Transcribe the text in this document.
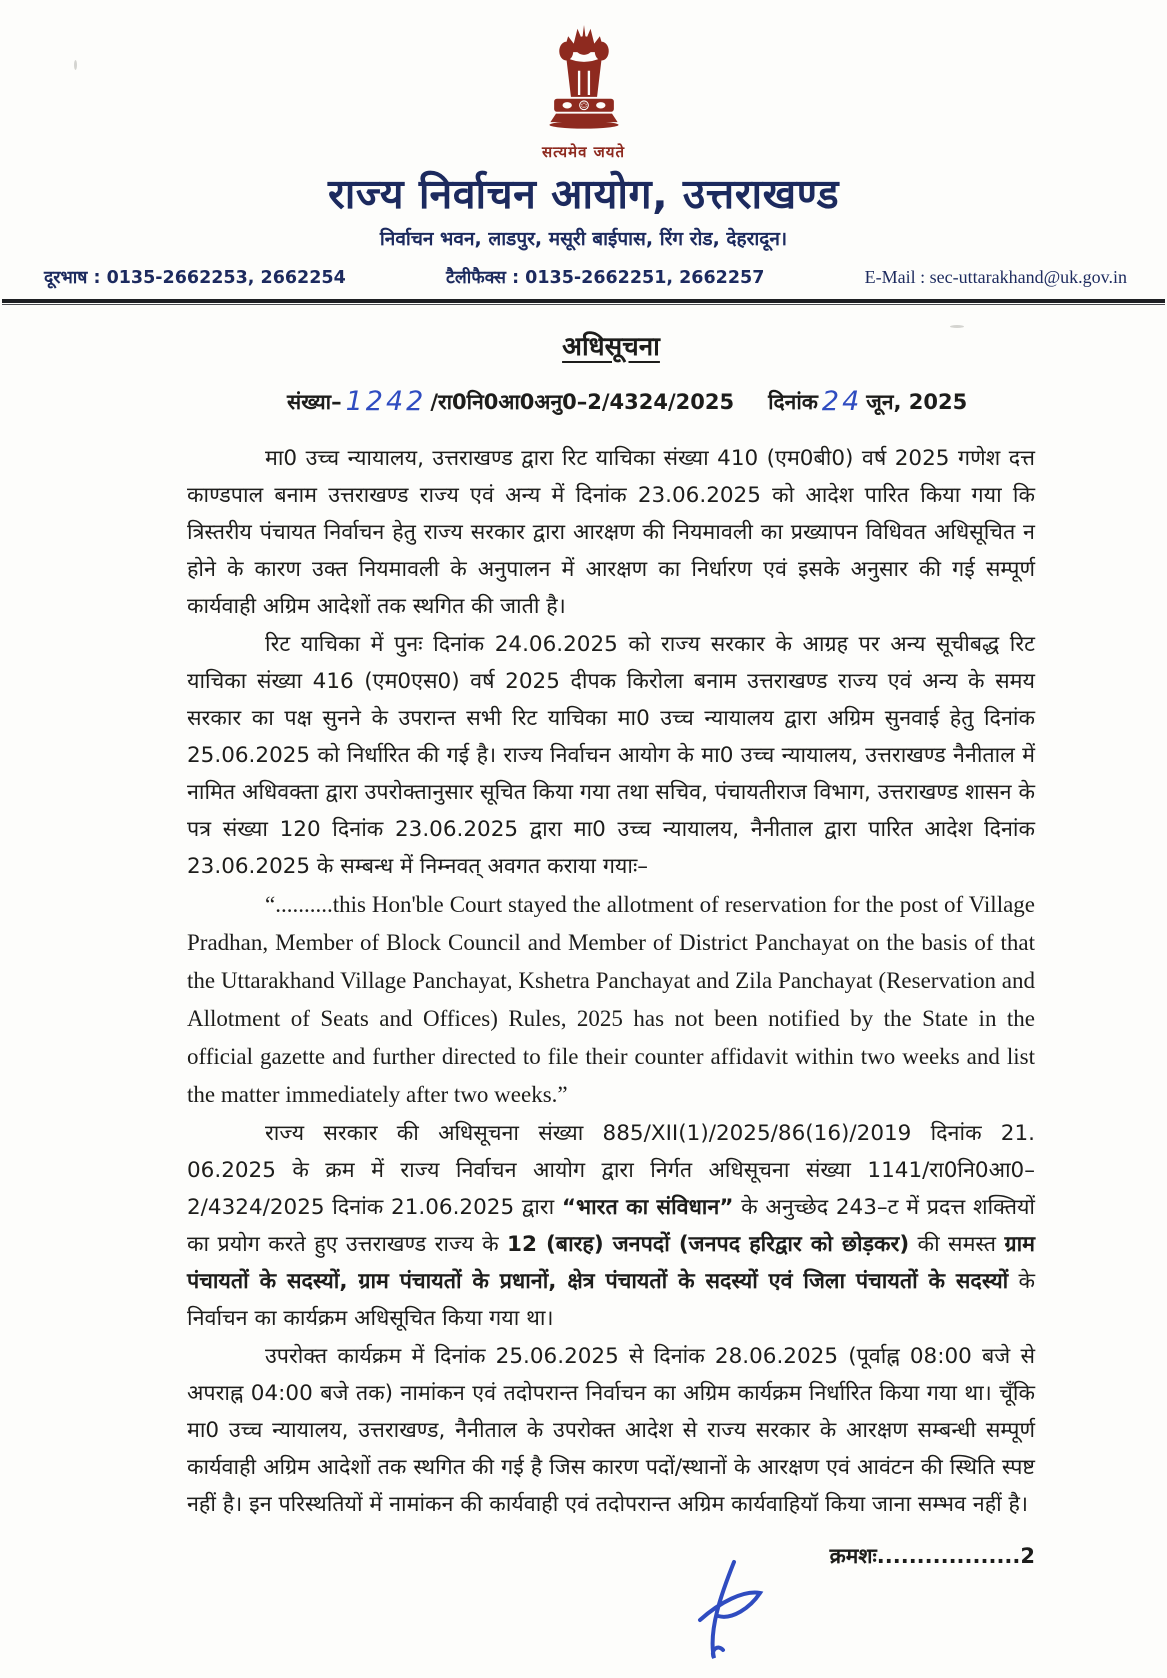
सत्यमेव जयते
राज्य निर्वाचन आयोग, उत्तराखण्ड
निर्वाचन भवन, लाडपुर, मसूरी बाईपास, रिंग रोड, देहरादून।
दूरभाष : 0135-2662253, 2662254	टैलीफैक्स : 0135-2662251, 2662257	E-Mail : sec-uttarakhand@uk.gov.in
अधिसूचना
संख्या– 1242 /रा0नि0आ0अनु0–2/4324/2025 दिनांक 24 जून, 2025

मा0 उच्च न्यायालय, उत्तराखण्ड द्वारा रिट याचिका संख्या 410 (एम0बी0) वर्ष 2025 गणेश दत्त काण्डपाल बनाम उत्तराखण्ड राज्य एवं अन्य में दिनांक 23.06.2025 को आदेश पारित किया गया कि त्रिस्तरीय पंचायत निर्वाचन हेतु राज्य सरकार द्वारा आरक्षण की नियमावली का प्रख्यापन विधिवत अधिसूचित न होने के कारण उक्त नियमावली के अनुपालन में आरक्षण का निर्धारण एवं इसके अनुसार की गई सम्पूर्ण कार्यवाही अग्रिम आदेशों तक स्थगित की जाती है।

रिट याचिका में पुनः दिनांक 24.06.2025 को राज्य सरकार के आग्रह पर अन्य सूचीबद्ध रिट याचिका संख्या 416 (एम0एस0) वर्ष 2025 दीपक किरोला बनाम उत्तराखण्ड राज्य एवं अन्य के समय सरकार का पक्ष सुनने के उपरान्त सभी रिट याचिका मा0 उच्च न्यायालय द्वारा अग्रिम सुनवाई हेतु दिनांक 25.06.2025 को निर्धारित की गई है। राज्य निर्वाचन आयोग के मा0 उच्च न्यायालय, उत्तराखण्ड नैनीताल में नामित अधिवक्ता द्वारा उपरोक्तानुसार सूचित किया गया तथा सचिव, पंचायतीराज विभाग, उत्तराखण्ड शासन के पत्र संख्या 120 दिनांक 23.06.2025 द्वारा मा0 उच्च न्यायालय, नैनीताल द्वारा पारित आदेश दिनांक 23.06.2025 के सम्बन्ध में निम्नवत् अवगत कराया गयाः–

“..........this Hon'ble Court stayed the allotment of reservation for the post of Village Pradhan, Member of Block Council and Member of District Panchayat on the basis of that the Uttarakhand Village Panchayat, Kshetra Panchayat and Zila Panchayat (Reservation and Allotment of Seats and Offices) Rules, 2025 has not been notified by the State in the official gazette and further directed to file their counter affidavit within two weeks and list the matter immediately after two weeks.”

राज्य सरकार की अधिसूचना संख्या 885/XII(1)/2025/86(16)/2019 दिनांक 21. 06.2025 के क्रम में राज्य निर्वाचन आयोग द्वारा निर्गत अधिसूचना संख्या 1141/रा0नि0आ0–2/4324/2025 दिनांक 21.06.2025 द्वारा “भारत का संविधान” के अनुच्छेद 243–ट में प्रदत्त शक्तियों का प्रयोग करते हुए उत्तराखण्ड राज्य के 12 (बारह) जनपदों (जनपद हरिद्वार को छोड़कर) की समस्त ग्राम पंचायतों के सदस्यों, ग्राम पंचायतों के प्रधानों, क्षेत्र पंचायतों के सदस्यों एवं जिला पंचायतों के सदस्यों के निर्वाचन का कार्यक्रम अधिसूचित किया गया था।

उपरोक्त कार्यक्रम में दिनांक 25.06.2025 से दिनांक 28.06.2025 (पूर्वाह्न 08:00 बजे से अपराह्न 04:00 बजे तक) नामांकन एवं तदोपरान्त निर्वाचन का अग्रिम कार्यक्रम निर्धारित किया गया था। चूँकि मा0 उच्च न्यायालय, उत्तराखण्ड, नैनीताल के उपरोक्त आदेश से राज्य सरकार के आरक्षण सम्बन्धी सम्पूर्ण कार्यवाही अग्रिम आदेशों तक स्थगित की गई है जिस कारण पदों/स्थानों के आरक्षण एवं आवंटन की स्थिति स्पष्ट नहीं है। इन परिस्थतियों में नामांकन की कार्यवाही एवं तदोपरान्त अग्रिम कार्यवाहियॉ किया जाना सम्भव नहीं है।

क्रमशः..................2
